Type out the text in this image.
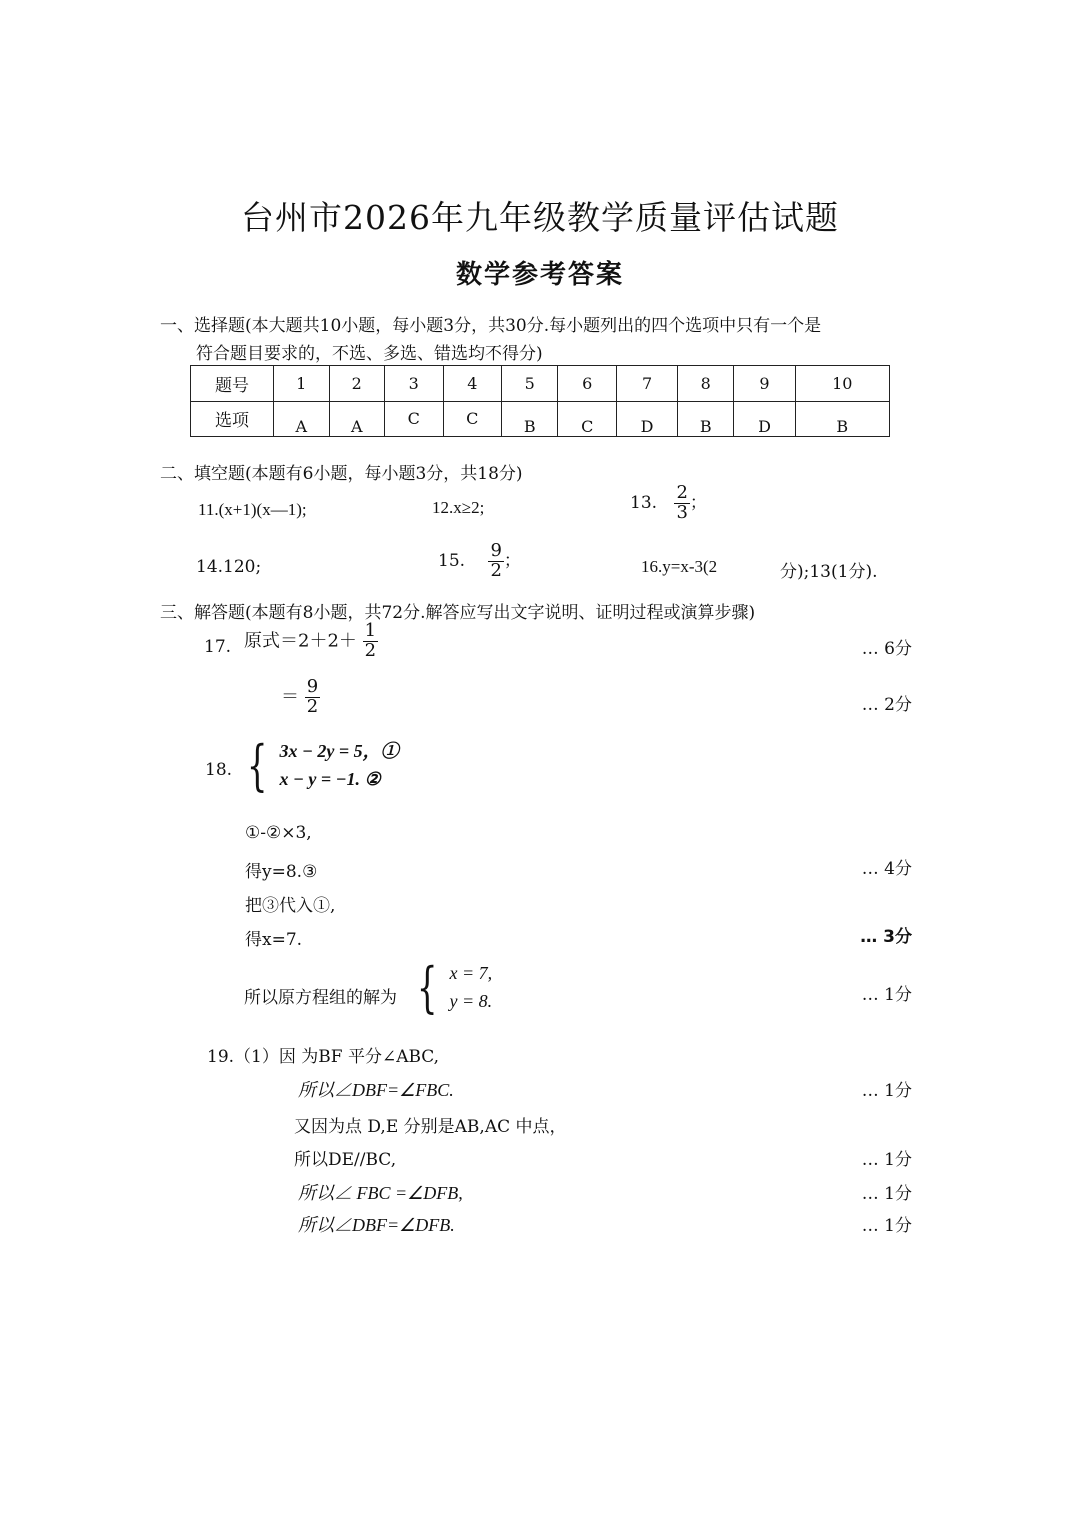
台州市2026年九年级教学质量评估试题
数学参考答案
一、选择题(本大题共10小题，每小题3分，共30分.每小题列出的四个选项中只有一个是
符合题目要求的，不选、多选、错选均不得分)
题号	1	2	3	4	5	6	7	8	9	10
选项	A	A	C	C	B	C	D	B	D	B
二、填空题(本题有6小题，每小题3分，共18分)
11.(x+1)(x—1);	12.x≥2;	13. $\frac{2}{3}$ ；
14.120;	15. $\frac{9}{2}$ ；	16.y=x-3(2	分);13(1分).
三、解答题(本题有8小题，共72分.解答应写出文字说明、证明过程或演算步骤)
17. 原式$=2+2+ \frac{1}{2}$	… 6分
＝ $\frac{9}{2}$	… 2分
18. { 3x − 2y = 5，①
x − y = −1. ②
①-②×3,
得y=8.③	… 4分
把③代入①,
得x=7.	… 3分
所以原方程组的解为 { x = 7,
y = 8.	… 1分
19.（1）因 为BF 平分∠ABC,
所以∠DBF=∠FBC.	… 1分
又因为点 D,E 分别是AB,AC 中点，
所以DE//BC,	… 1分
所以∠ FBC =∠DFB,	… 1分
所以∠DBF=∠DFB.	… 1分
